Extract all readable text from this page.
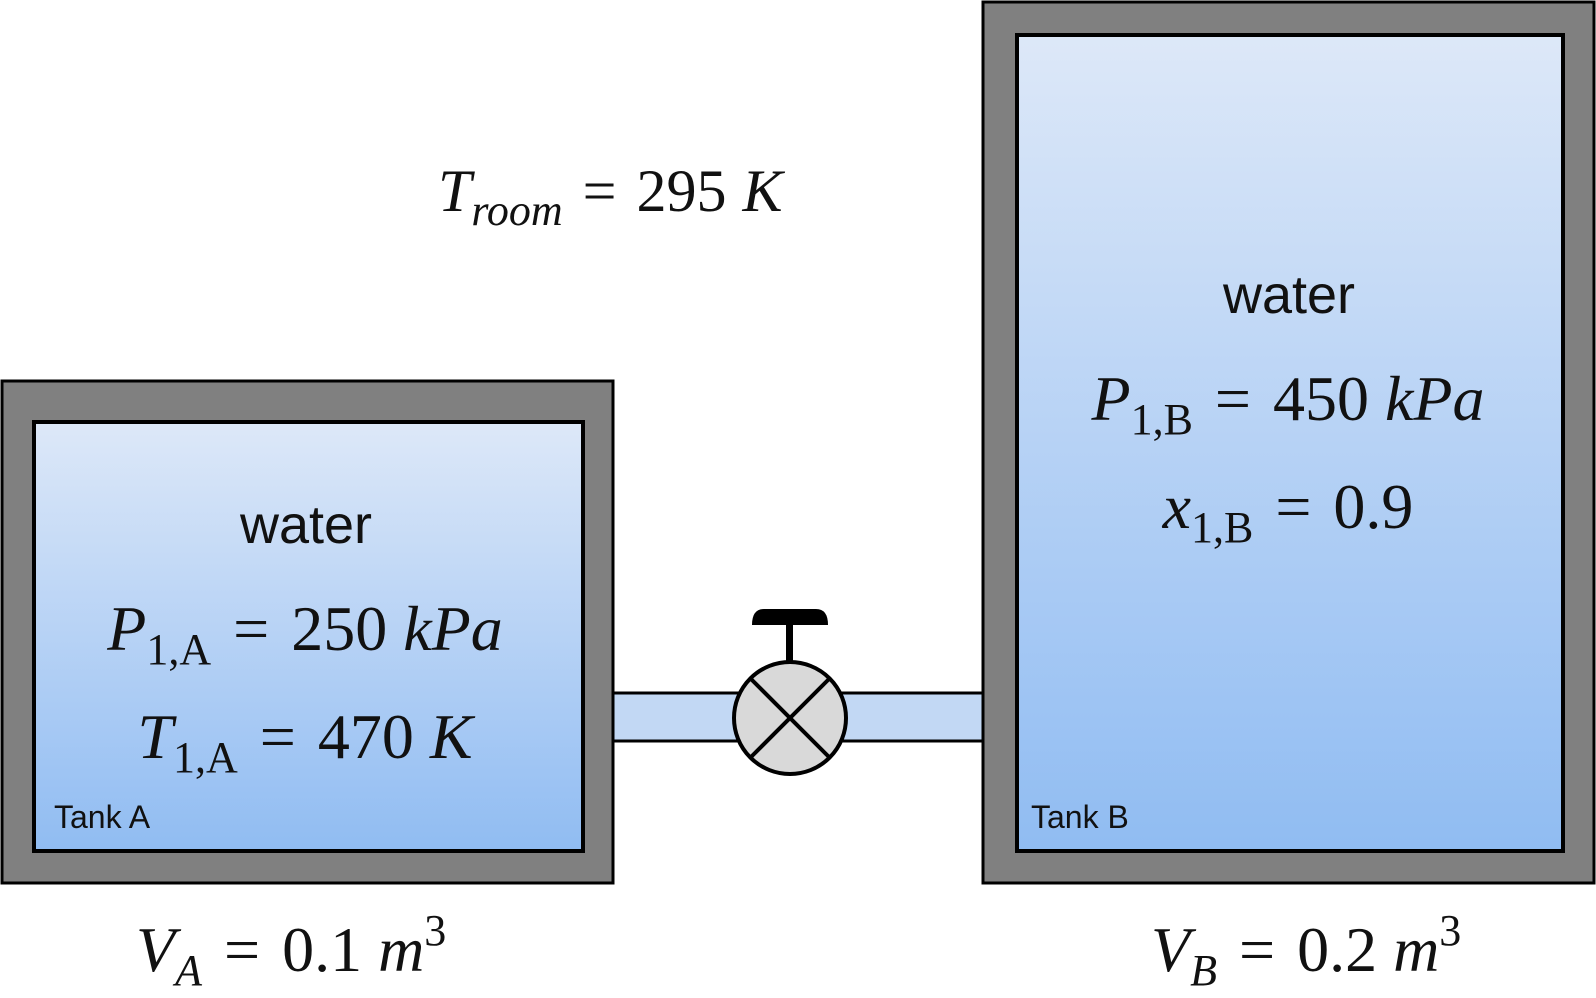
$T_{room} = 295$ K
water
$P_{1,A} = 250$ kPa
$T_{1,A} = 470$ K
Tank A
water
$P_{1,B} = 450$ kPa
$x_{1,B} = 0.9$
Tank B
$V_A = 0.1$ $m^3$	$V_B = 0.2$ $m^3$
